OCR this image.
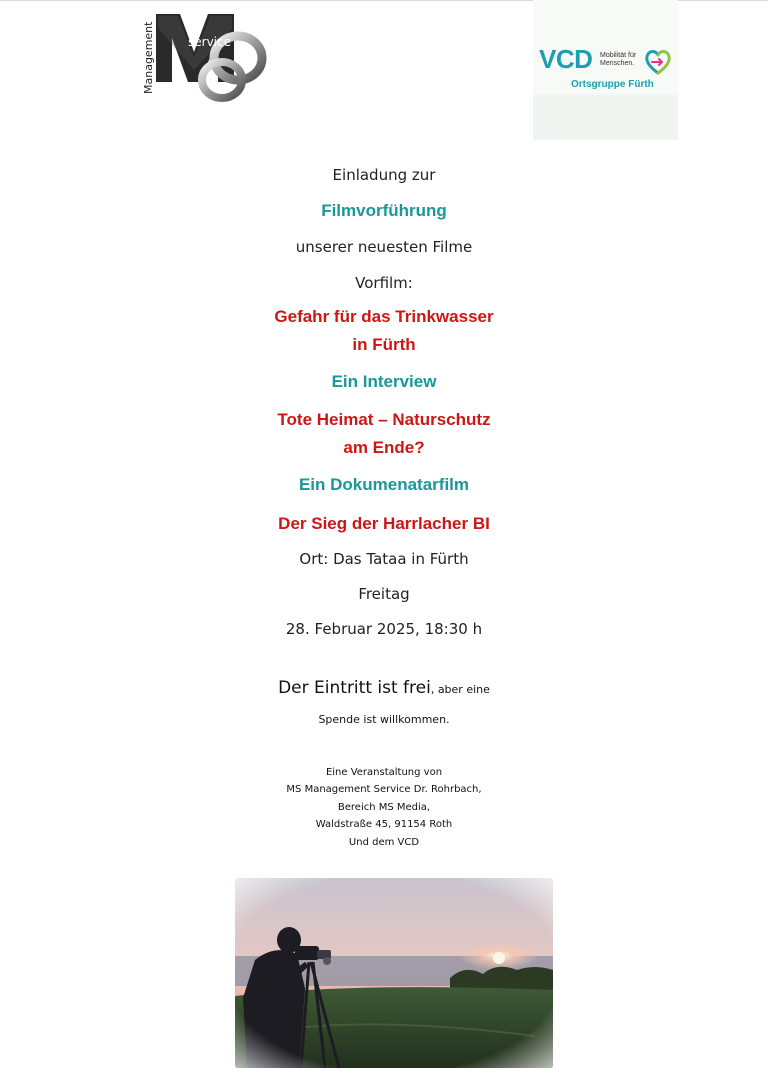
service
Management	VCD Mobilität für
Menschen.
Ortsgruppe Fürth
Einladung zur
Filmvorführung
unserer neuesten Filme
Vorfilm:
Gefahr für das Trinkwasser
in Fürth
Ein Interview
Tote Heimat – Naturschutz
am Ende?
Ein Dokumenatarfilm
Der Sieg der Harrlacher BI
Ort: Das Tataa in Fürth
Freitag
28. Februar 2025, 18:30 h
Der Eintritt ist frei, aber eine
Spende ist willkommen.
Eine Veranstaltung von
MS Management Service Dr. Rohrbach,
Bereich MS Media,
Waldstraße 45, 91154 Roth
Und dem VCD
